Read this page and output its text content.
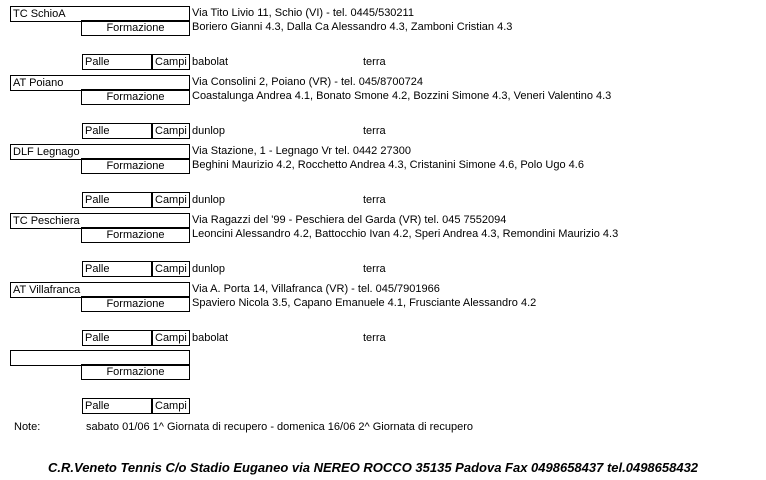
TC SchioA	Via Tito Livio 11, Schio (VI) - tel. 0445/530211
Formazione	Boriero Gianni 4.3, Dalla Ca Alessandro 4.3, Zamboni Cristian 4.3
Palle	Campi babolat	terra
AT Poiano	Via Consolini 2, Poiano (VR) - tel. 045/8700724
Formazione	Coastalunga Andrea 4.1, Bonato Smone 4.2, Bozzini Simone 4.3, Veneri Valentino 4.3
Palle	Campi dunlop	terra
DLF Legnago	Via Stazione, 1 - Legnago Vr tel. 0442 27300
Formazione	Beghini Maurizio 4.2, Rocchetto Andrea 4.3, Cristanini Simone 4.6, Polo Ugo 4.6
Palle	Campi dunlop	terra
TC Peschiera	Via Ragazzi del '99 - Peschiera del Garda (VR) tel. 045 7552094
Formazione	Leoncini Alessandro 4.2, Battocchio Ivan 4.2, Speri Andrea 4.3, Remondini Maurizio 4.3
Palle	Campi dunlop	terra
AT Villafranca	Via A. Porta 14, Villafranca (VR) - tel. 045/7901966
Formazione	Spaviero Nicola 3.5, Capano Emanuele 4.1, Frusciante Alessandro 4.2
Palle	Campi babolat	terra
Formazione
Palle	Campi
Note:	sabato 01/06 1^ Giornata di recupero - domenica 16/06 2^ Giornata di recupero
C.R.Veneto Tennis C/o Stadio Euganeo via NEREO ROCCO 35135 Padova Fax 0498658437 tel.0498658432
